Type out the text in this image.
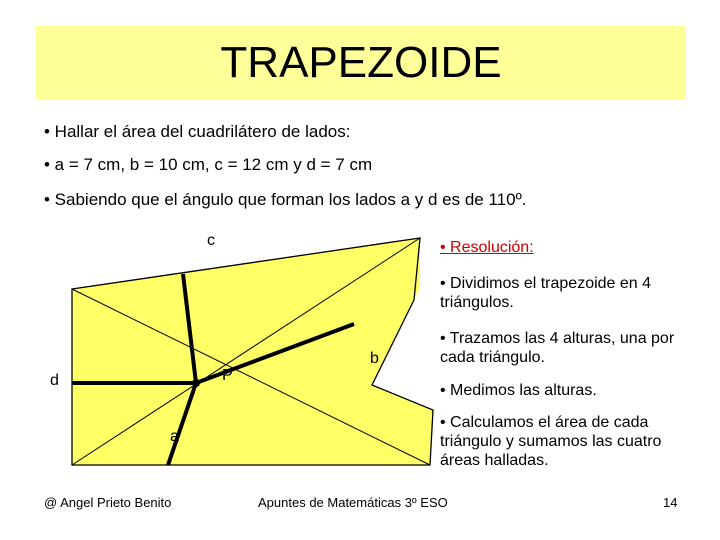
TRAPEZOIDE
• Hallar el área del cuadrilátero de lados:
• a = 7 cm, b = 10 cm, c = 12 cm y d = 7 cm
• Sabiendo que el ángulo que forman los lados a y d es de 110º.
c
b
d	P
a
• Resolución:
• Dividimos el trapezoide en 4 triángulos.
• Trazamos las 4 alturas, una por cada triángulo.
• Medimos las alturas.
• Calculamos el área de cada triángulo y sumamos las cuatro áreas halladas.
@ Angel Prieto Benito	Apuntes de Matemáticas 3º ESO	14
